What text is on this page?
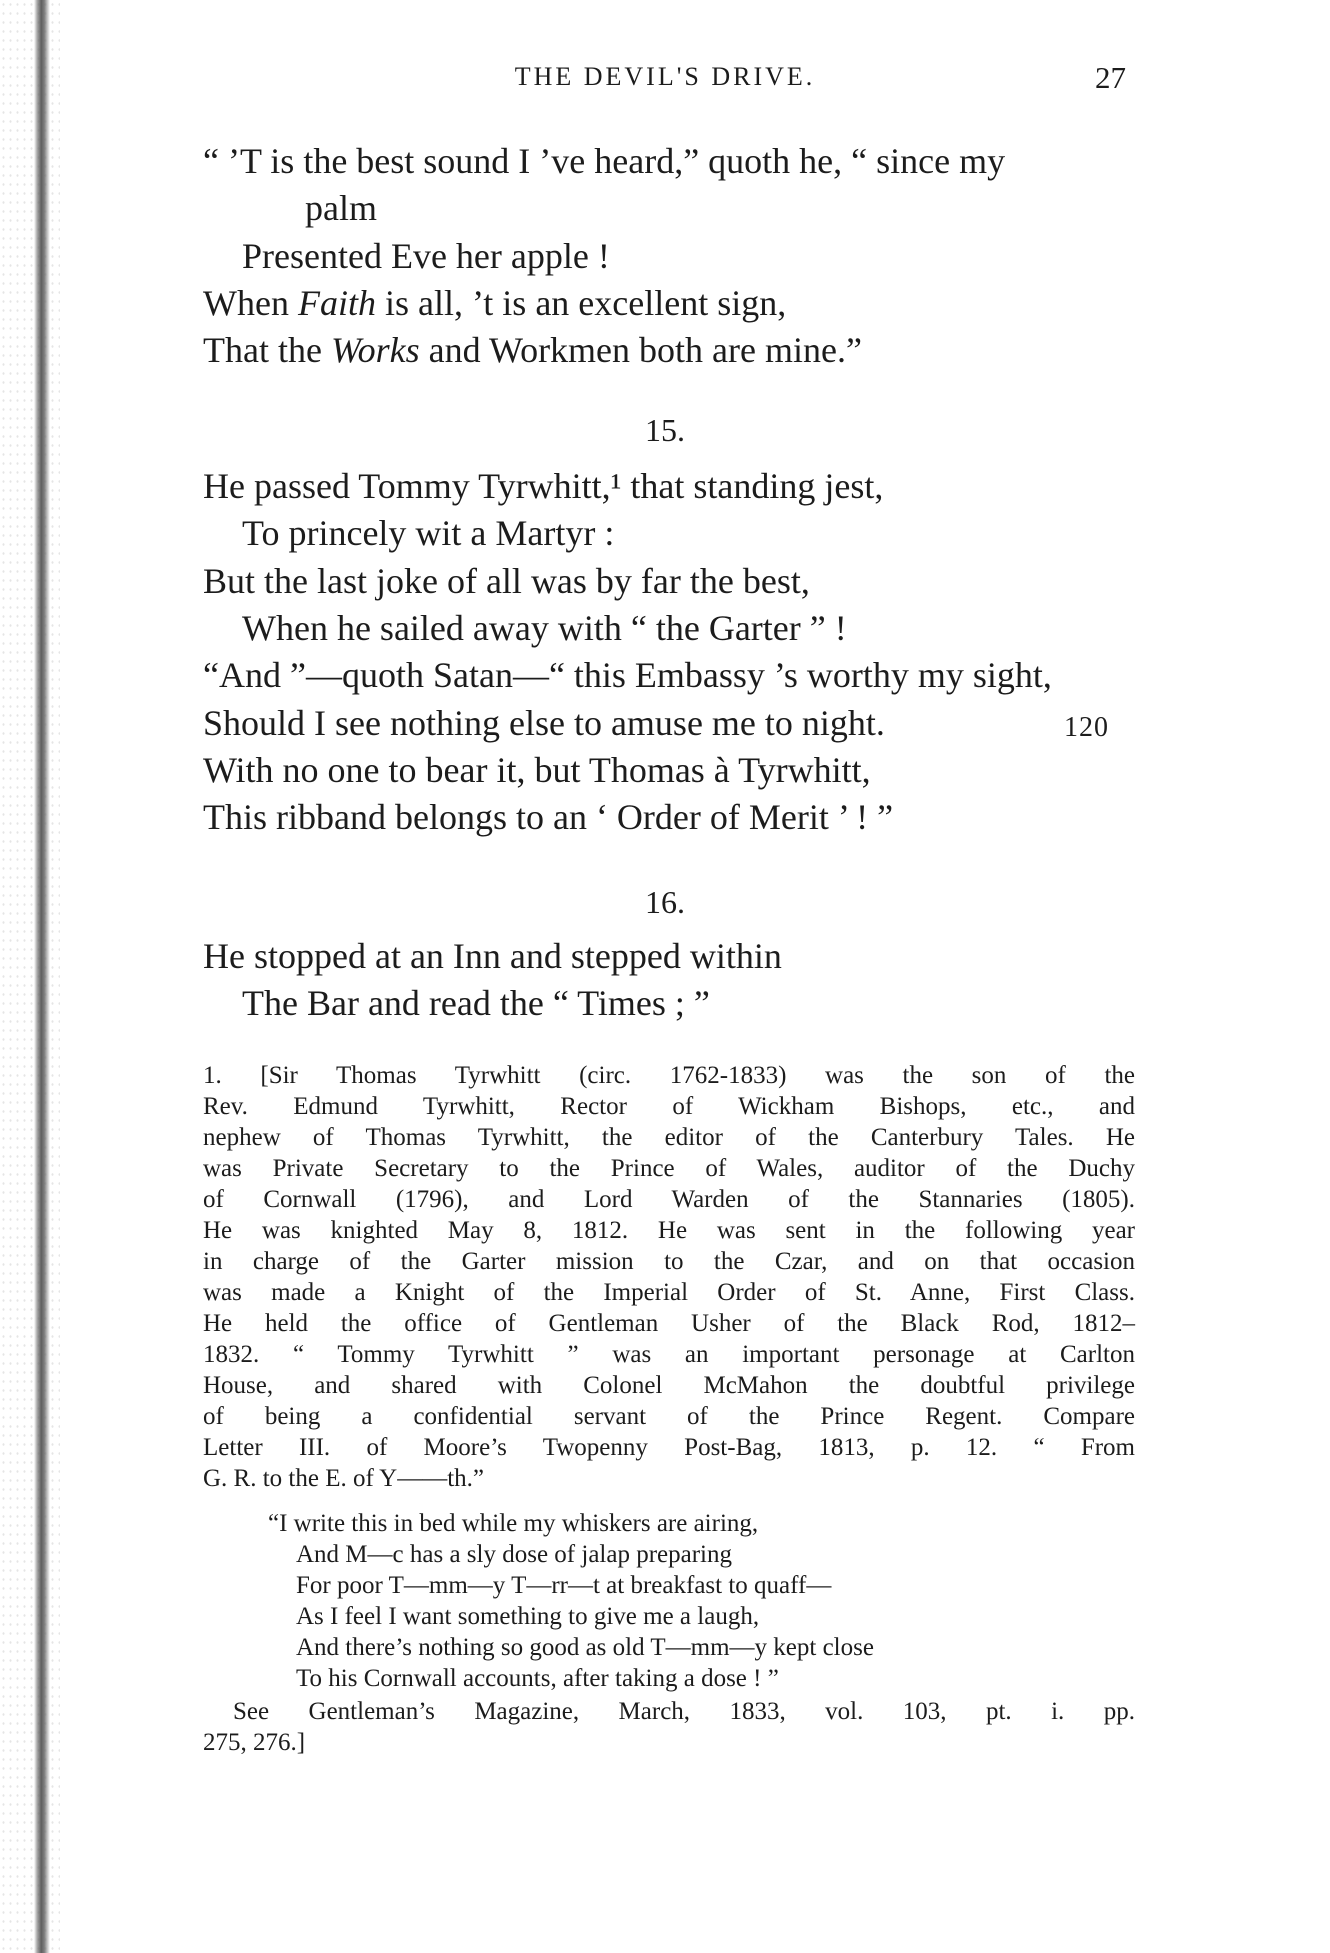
THE DEVIL'S DRIVE.	27
“ ’T is the best sound I ’ve heard,” quoth he, “ since my
palm
Presented Eve her apple !
When Faith is all, ’t is an excellent sign,
That the Works and Workmen both are mine.”
15.
He passed Tommy Tyrwhitt,¹ that standing jest,
To princely wit a Martyr :
But the last joke of all was by far the best,
When he sailed away with “ the Garter ” !
“And ”—quoth Satan—“ this Embassy ’s worthy my sight,
Should I see nothing else to amuse me to night.	120
With no one to bear it, but Thomas à Tyrwhitt,
This ribband belongs to an ‘ Order of Merit ’ ! ”
16.
He stopped at an Inn and stepped within
The Bar and read the “ Times ; ”
1. [Sir Thomas Tyrwhitt (circ. 1762-1833) was the son of the
Rev. Edmund Tyrwhitt, Rector of Wickham Bishops, etc., and
nephew of Thomas Tyrwhitt, the editor of the Canterbury Tales. He
was Private Secretary to the Prince of Wales, auditor of the Duchy
of Cornwall (1796), and Lord Warden of the Stannaries (1805).
He was knighted May 8, 1812. He was sent in the following year
in charge of the Garter mission to the Czar, and on that occasion
was made a Knight of the Imperial Order of St. Anne, First Class.
He held the office of Gentleman Usher of the Black Rod, 1812–
1832. “ Tommy Tyrwhitt ” was an important personage at Carlton
House, and shared with Colonel McMahon the doubtful privilege
of being a confidential servant of the Prince Regent. Compare
Letter III. of Moore’s Twopenny Post-Bag, 1813, p. 12. “ From
G. R. to the E. of Y——th.”
“I write this in bed while my whiskers are airing,
And M—c has a sly dose of jalap preparing
For poor T—mm—y T—rr—t at breakfast to quaff—
As I feel I want something to give me a laugh,
And there’s nothing so good as old T—mm—y kept close
To his Cornwall accounts, after taking a dose ! ”
See Gentleman’s Magazine, March, 1833, vol. 103, pt. i. pp.
275, 276.]
